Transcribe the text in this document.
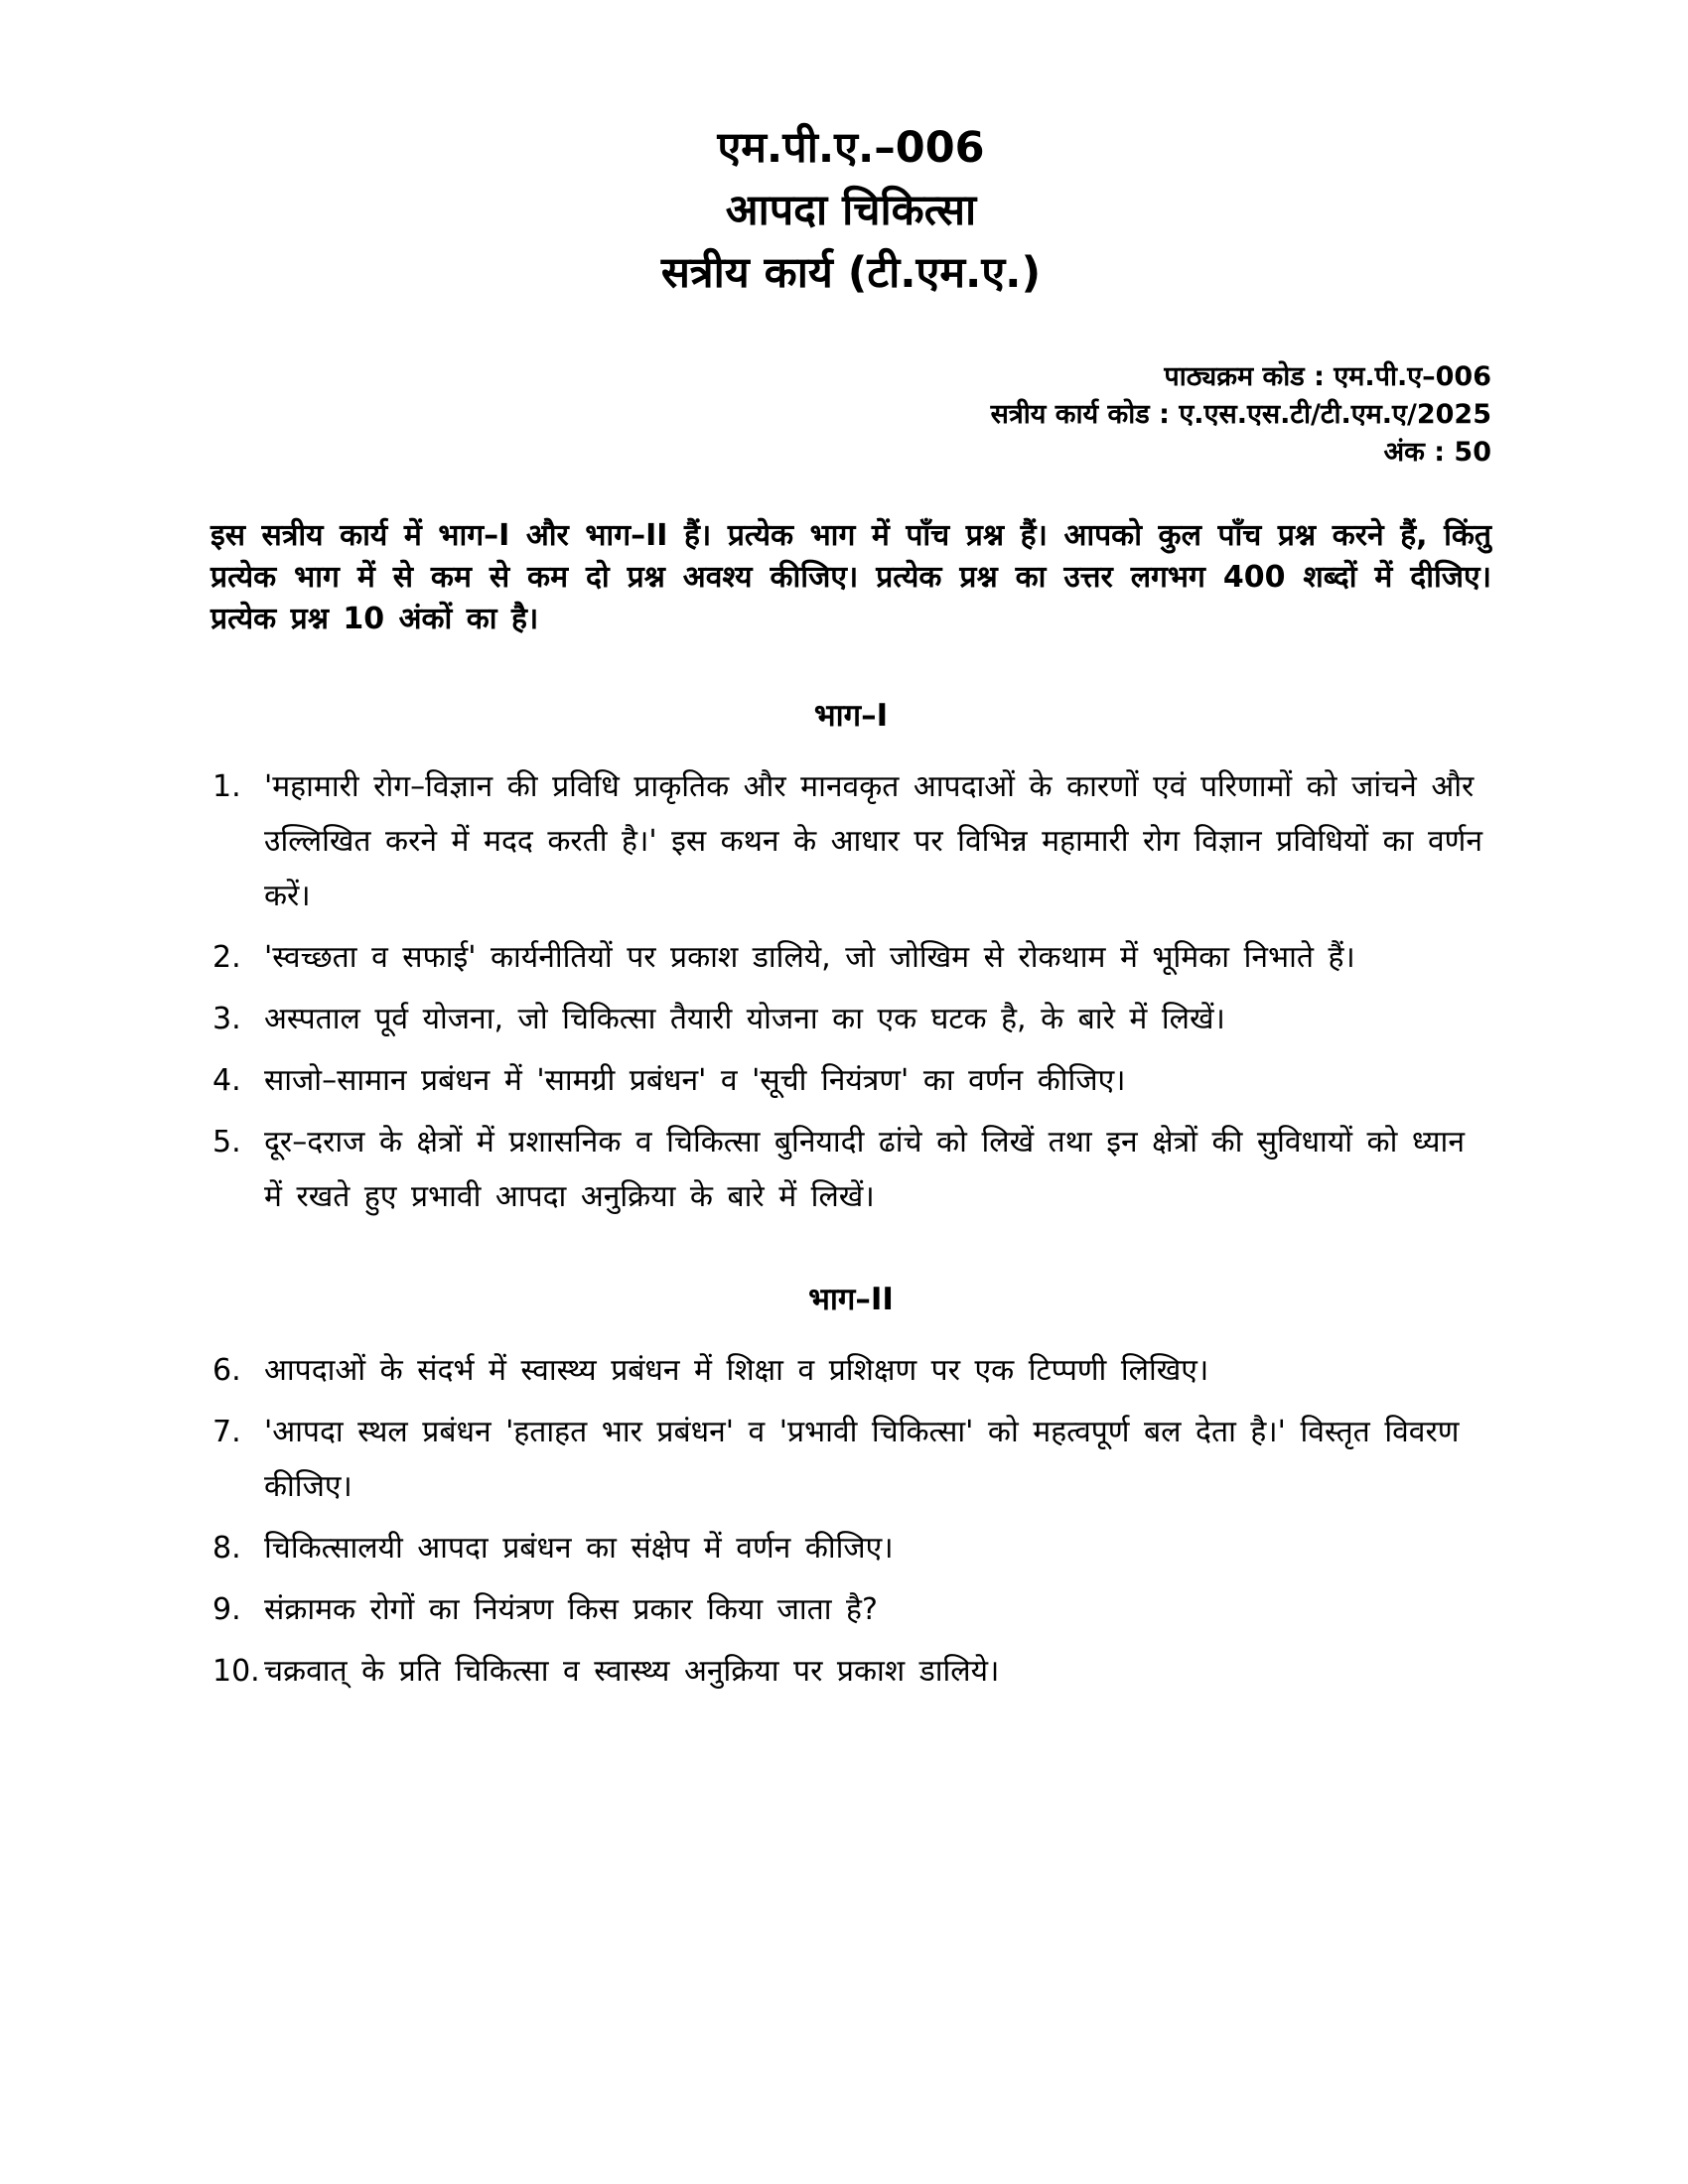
एम.पी.ए.–006
आपदा चिकित्सा
सत्रीय कार्य (टी.एम.ए.)
पाठ्यक्रम कोड : एम.पी.ए–006
सत्रीय कार्य कोड : ए.एस.एस.टी/टी.एम.ए/2025
अंक : 50
इस सत्रीय कार्य में भाग–I और भाग–II हैं। प्रत्येक भाग में पाँच प्रश्न हैं। आपको कुल पाँच प्रश्न करने हैं, किंतु प्रत्येक भाग में से कम से कम दो प्रश्न अवश्य कीजिए। प्रत्येक प्रश्न का उत्तर लगभग 400 शब्दों में दीजिए। प्रत्येक प्रश्न 10 अंकों का है।
भाग–I
1. 'महामारी रोग–विज्ञान की प्रविधि प्राकृतिक और मानवकृत आपदाओं के कारणों एवं परिणामों को जांचने और उल्लिखित करने में मदद करती है।' इस कथन के आधार पर विभिन्न महामारी रोग विज्ञान प्रविधियों का वर्णन करें।
2. 'स्वच्छता व सफाई' कार्यनीतियों पर प्रकाश डालिये, जो जोखिम से रोकथाम में भूमिका निभाते हैं।
3. अस्पताल पूर्व योजना, जो चिकित्सा तैयारी योजना का एक घटक है, के बारे में लिखें।
4. साजो–सामान प्रबंधन में 'सामग्री प्रबंधन' व 'सूची नियंत्रण' का वर्णन कीजिए।
5. दूर–दराज के क्षेत्रों में प्रशासनिक व चिकित्सा बुनियादी ढांचे को लिखें तथा इन क्षेत्रों की सुविधायों को ध्यान में रखते हुए प्रभावी आपदा अनुक्रिया के बारे में लिखें।
भाग–II
6. आपदाओं के संदर्भ में स्वास्थ्य प्रबंधन में शिक्षा व प्रशिक्षण पर एक टिप्पणी लिखिए।
7. 'आपदा स्थल प्रबंधन 'हताहत भार प्रबंधन' व 'प्रभावी चिकित्सा' को महत्वपूर्ण बल देता है।' विस्तृत विवरण कीजिए।
8. चिकित्सालयी आपदा प्रबंधन का संक्षेप में वर्णन कीजिए।
9. संक्रामक रोगों का नियंत्रण किस प्रकार किया जाता है?
10. चक्रवात् के प्रति चिकित्सा व स्वास्थ्य अनुक्रिया पर प्रकाश डालिये।
